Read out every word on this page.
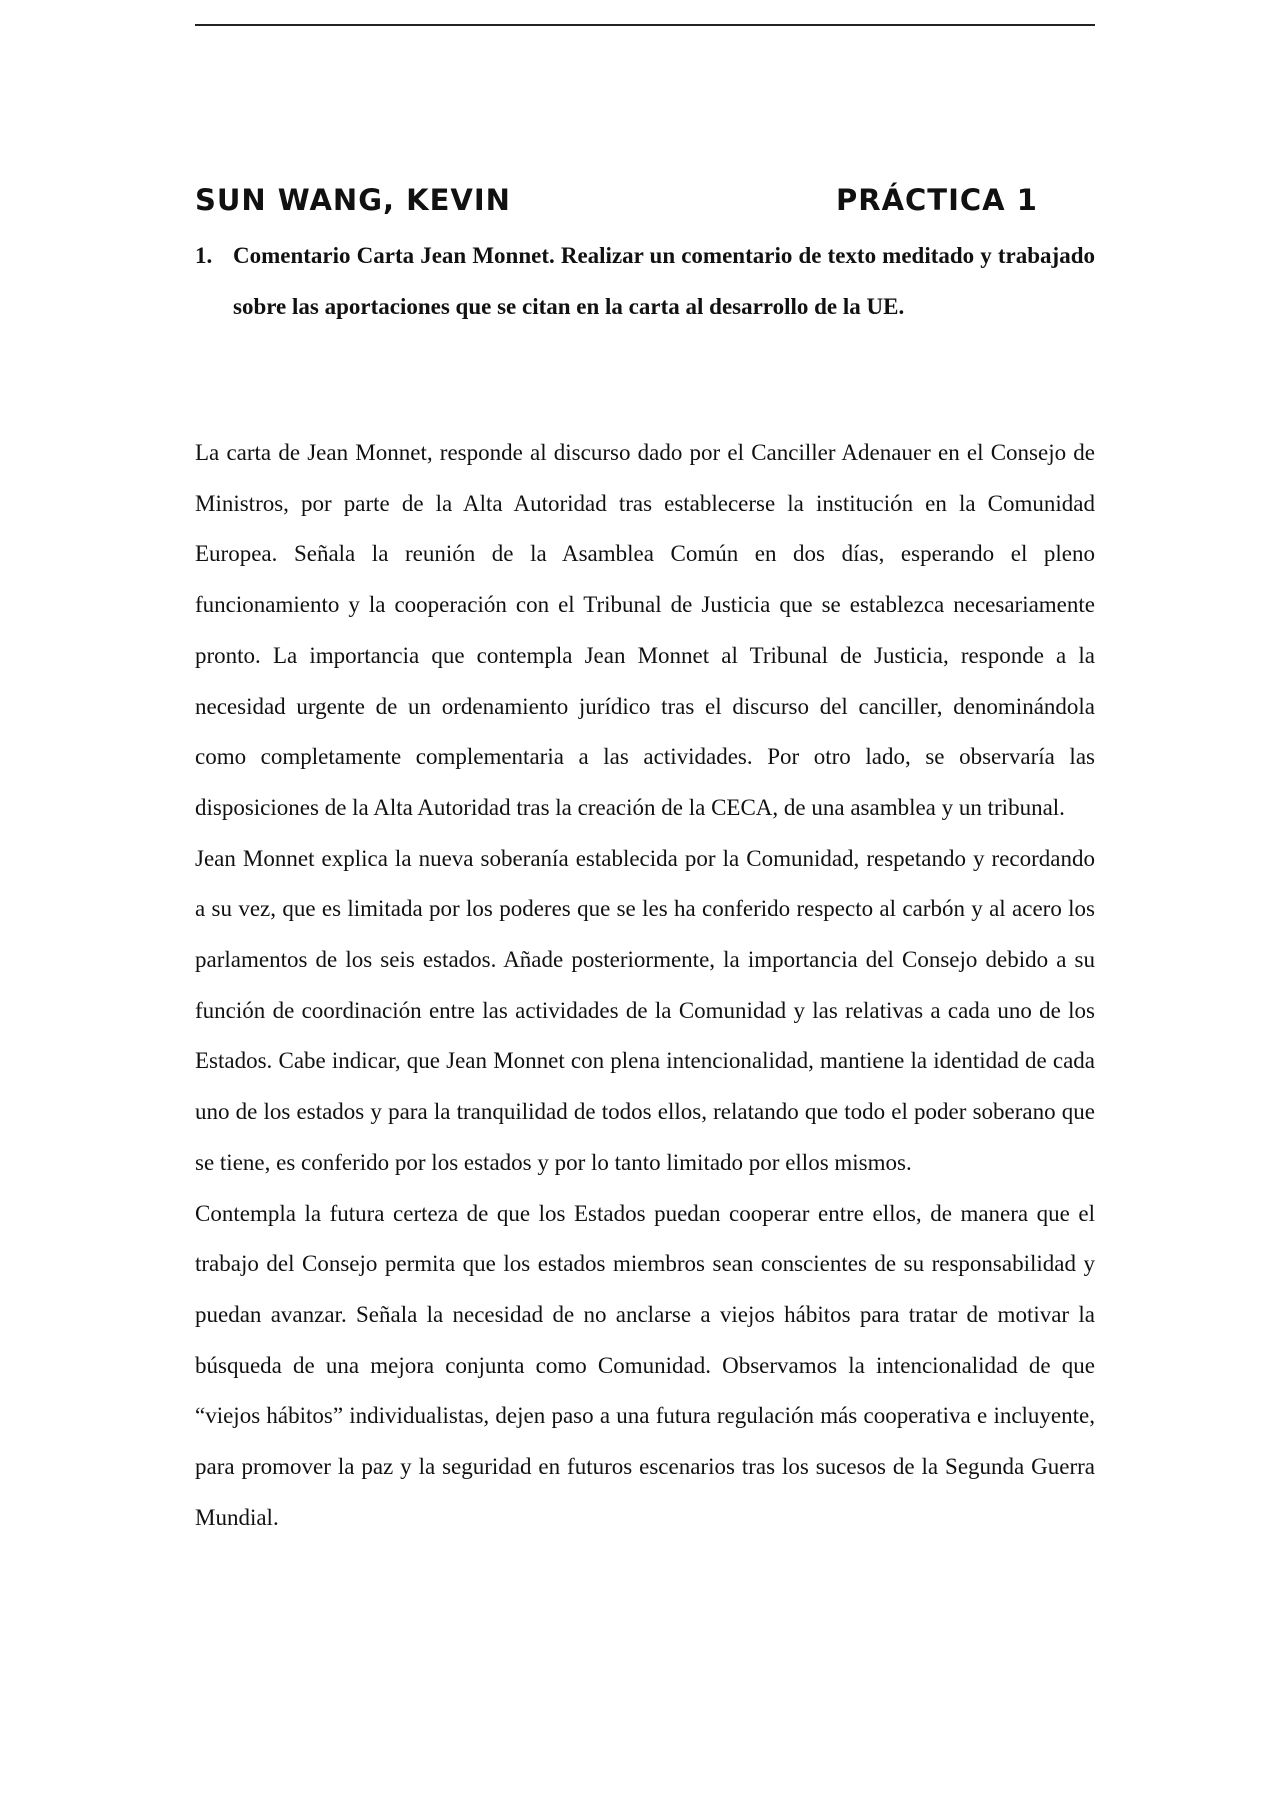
SUN WANG, KEVIN	PRÁCTICA 1
1. Comentario Carta Jean Monnet. Realizar un comentario de texto meditado y trabajado sobre las aportaciones que se citan en la carta al desarrollo de la UE.

La carta de Jean Monnet, responde al discurso dado por el Canciller Adenauer en el Consejo de Ministros, por parte de la Alta Autoridad tras establecerse la institución en la Comunidad Europea. Señala la reunión de la Asamblea Común en dos días, esperando el pleno funcionamiento y la cooperación con el Tribunal de Justicia que se establezca necesariamente pronto. La importancia que contempla Jean Monnet al Tribunal de Justicia, responde a la necesidad urgente de un ordenamiento jurídico tras el discurso del canciller, denominándola como completamente complementaria a las actividades. Por otro lado, se observaría las disposiciones de la Alta Autoridad tras la creación de la CECA, de una asamblea y un tribunal.

Jean Monnet explica la nueva soberanía establecida por la Comunidad, respetando y recordando a su vez, que es limitada por los poderes que se les ha conferido respecto al carbón y al acero los parlamentos de los seis estados. Añade posteriormente, la importancia del Consejo debido a su función de coordinación entre las actividades de la Comunidad y las relativas a cada uno de los Estados. Cabe indicar, que Jean Monnet con plena intencionalidad, mantiene la identidad de cada uno de los estados y para la tranquilidad de todos ellos, relatando que todo el poder soberano que se tiene, es conferido por los estados y por lo tanto limitado por ellos mismos.

Contempla la futura certeza de que los Estados puedan cooperar entre ellos, de manera que el trabajo del Consejo permita que los estados miembros sean conscientes de su responsabilidad y puedan avanzar. Señala la necesidad de no anclarse a viejos hábitos para tratar de motivar la búsqueda de una mejora conjunta como Comunidad. Observamos la intencionalidad de que “viejos hábitos” individualistas, dejen paso a una futura regulación más cooperativa e incluyente, para promover la paz y la seguridad en futuros escenarios tras los sucesos de la Segunda Guerra Mundial.
